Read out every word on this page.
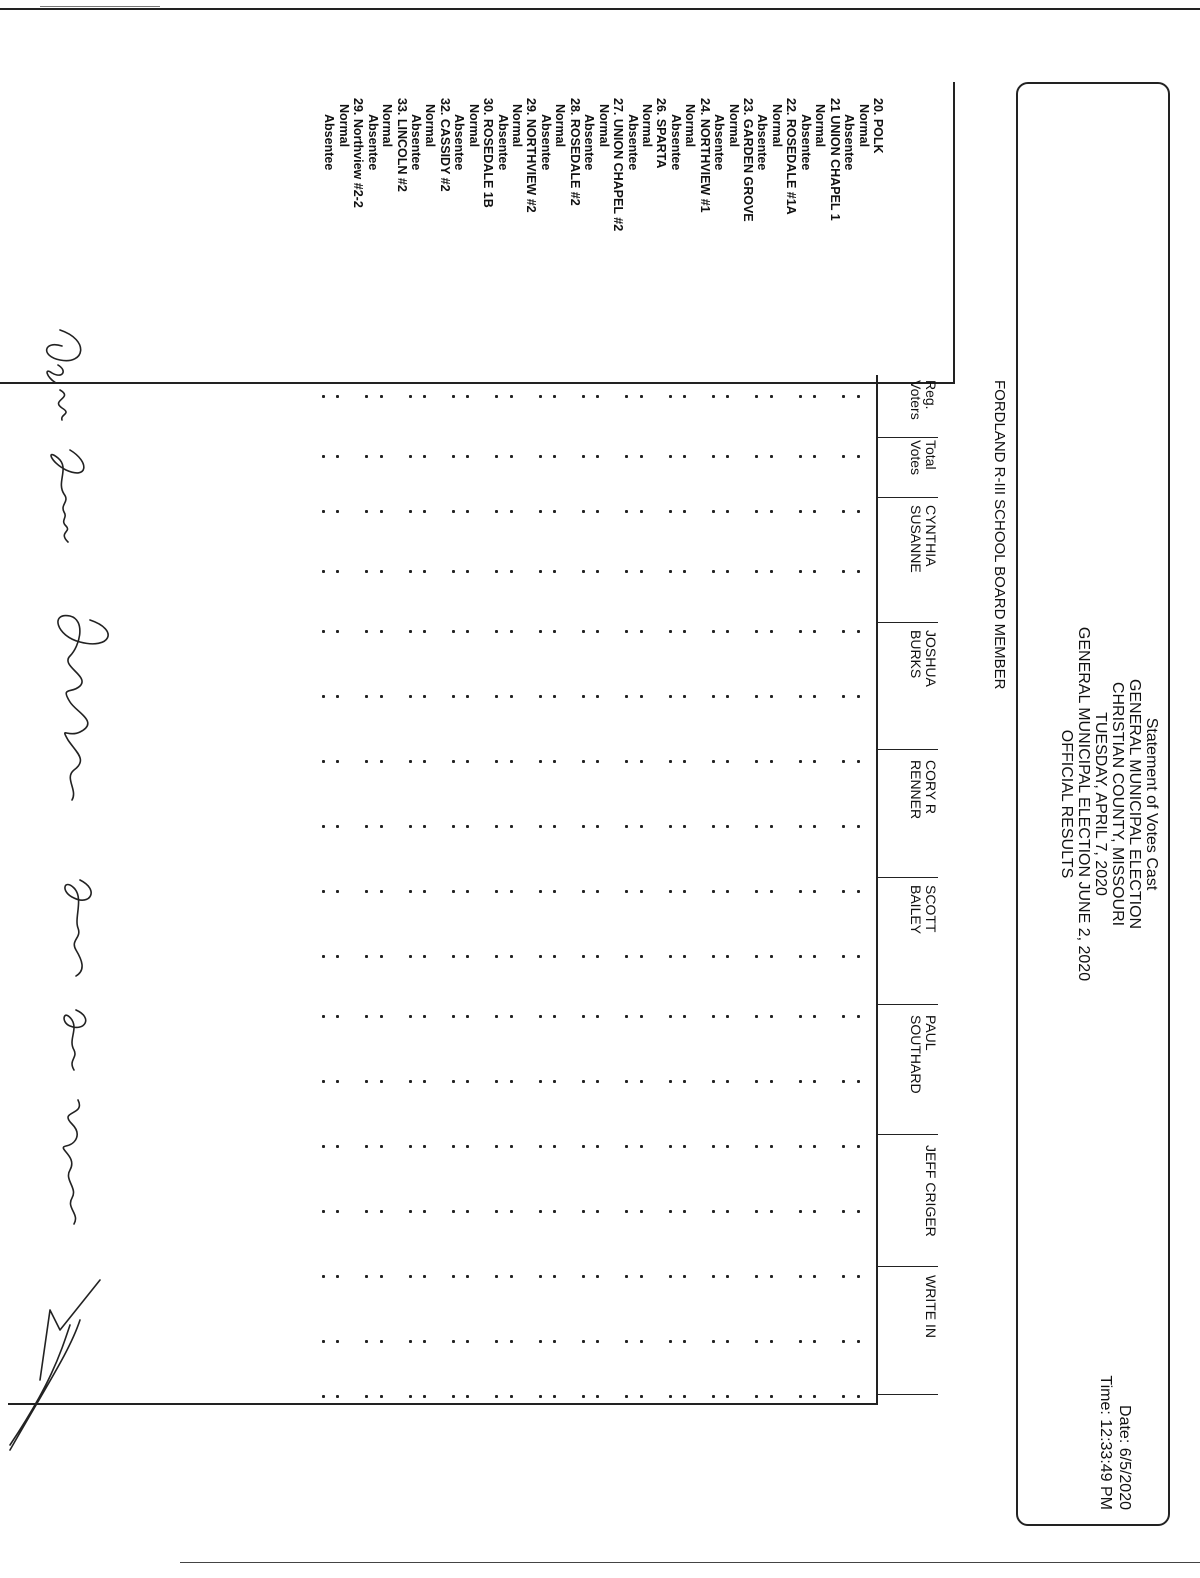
Statement of Votes Cast
GENERAL MUNICIPAL ELECTION
CHRISTIAN COUNTY, MISSOURI
TUESDAY, APRIL 7, 2020
GENERAL MUNICIPAL ELECTION JUNE 2, 2020
OFFICIAL RESULTS
Date: 6/5/2020
Time: 12:33:49 PM
FORDLAND R-III SCHOOL BOARD MEMBER
20. POLK
Normal
Absentee
21 UNION CHAPEL 1
Normal
Absentee
22. ROSEDALE #1A
Normal
Absentee
23. GARDEN GROVE
Normal
Absentee
24. NORTHVIEW #1
Normal
Absentee
26. SPARTA
Normal
Absentee
27. UNION CHAPEL #2
Normal
Absentee
28. ROSEDALE #2
Normal
Absentee
29. NORTHVIEW #2
Normal
Absentee
30. ROSEDALE 1B
Normal
Absentee
32. CASSIDY #2
Normal
Absentee
33. LINCOLN #2
Normal
Absentee
29. Northview #2-2
Normal
Absentee
Reg.
Voters
Total
Votes
CYNTHIA
SUSANNE
JOSHUA
BURKS
CORY R
RENNER
SCOTT
BAILEY
PAUL
SOUTHARD
JEFF CRIGER
WRITE IN
